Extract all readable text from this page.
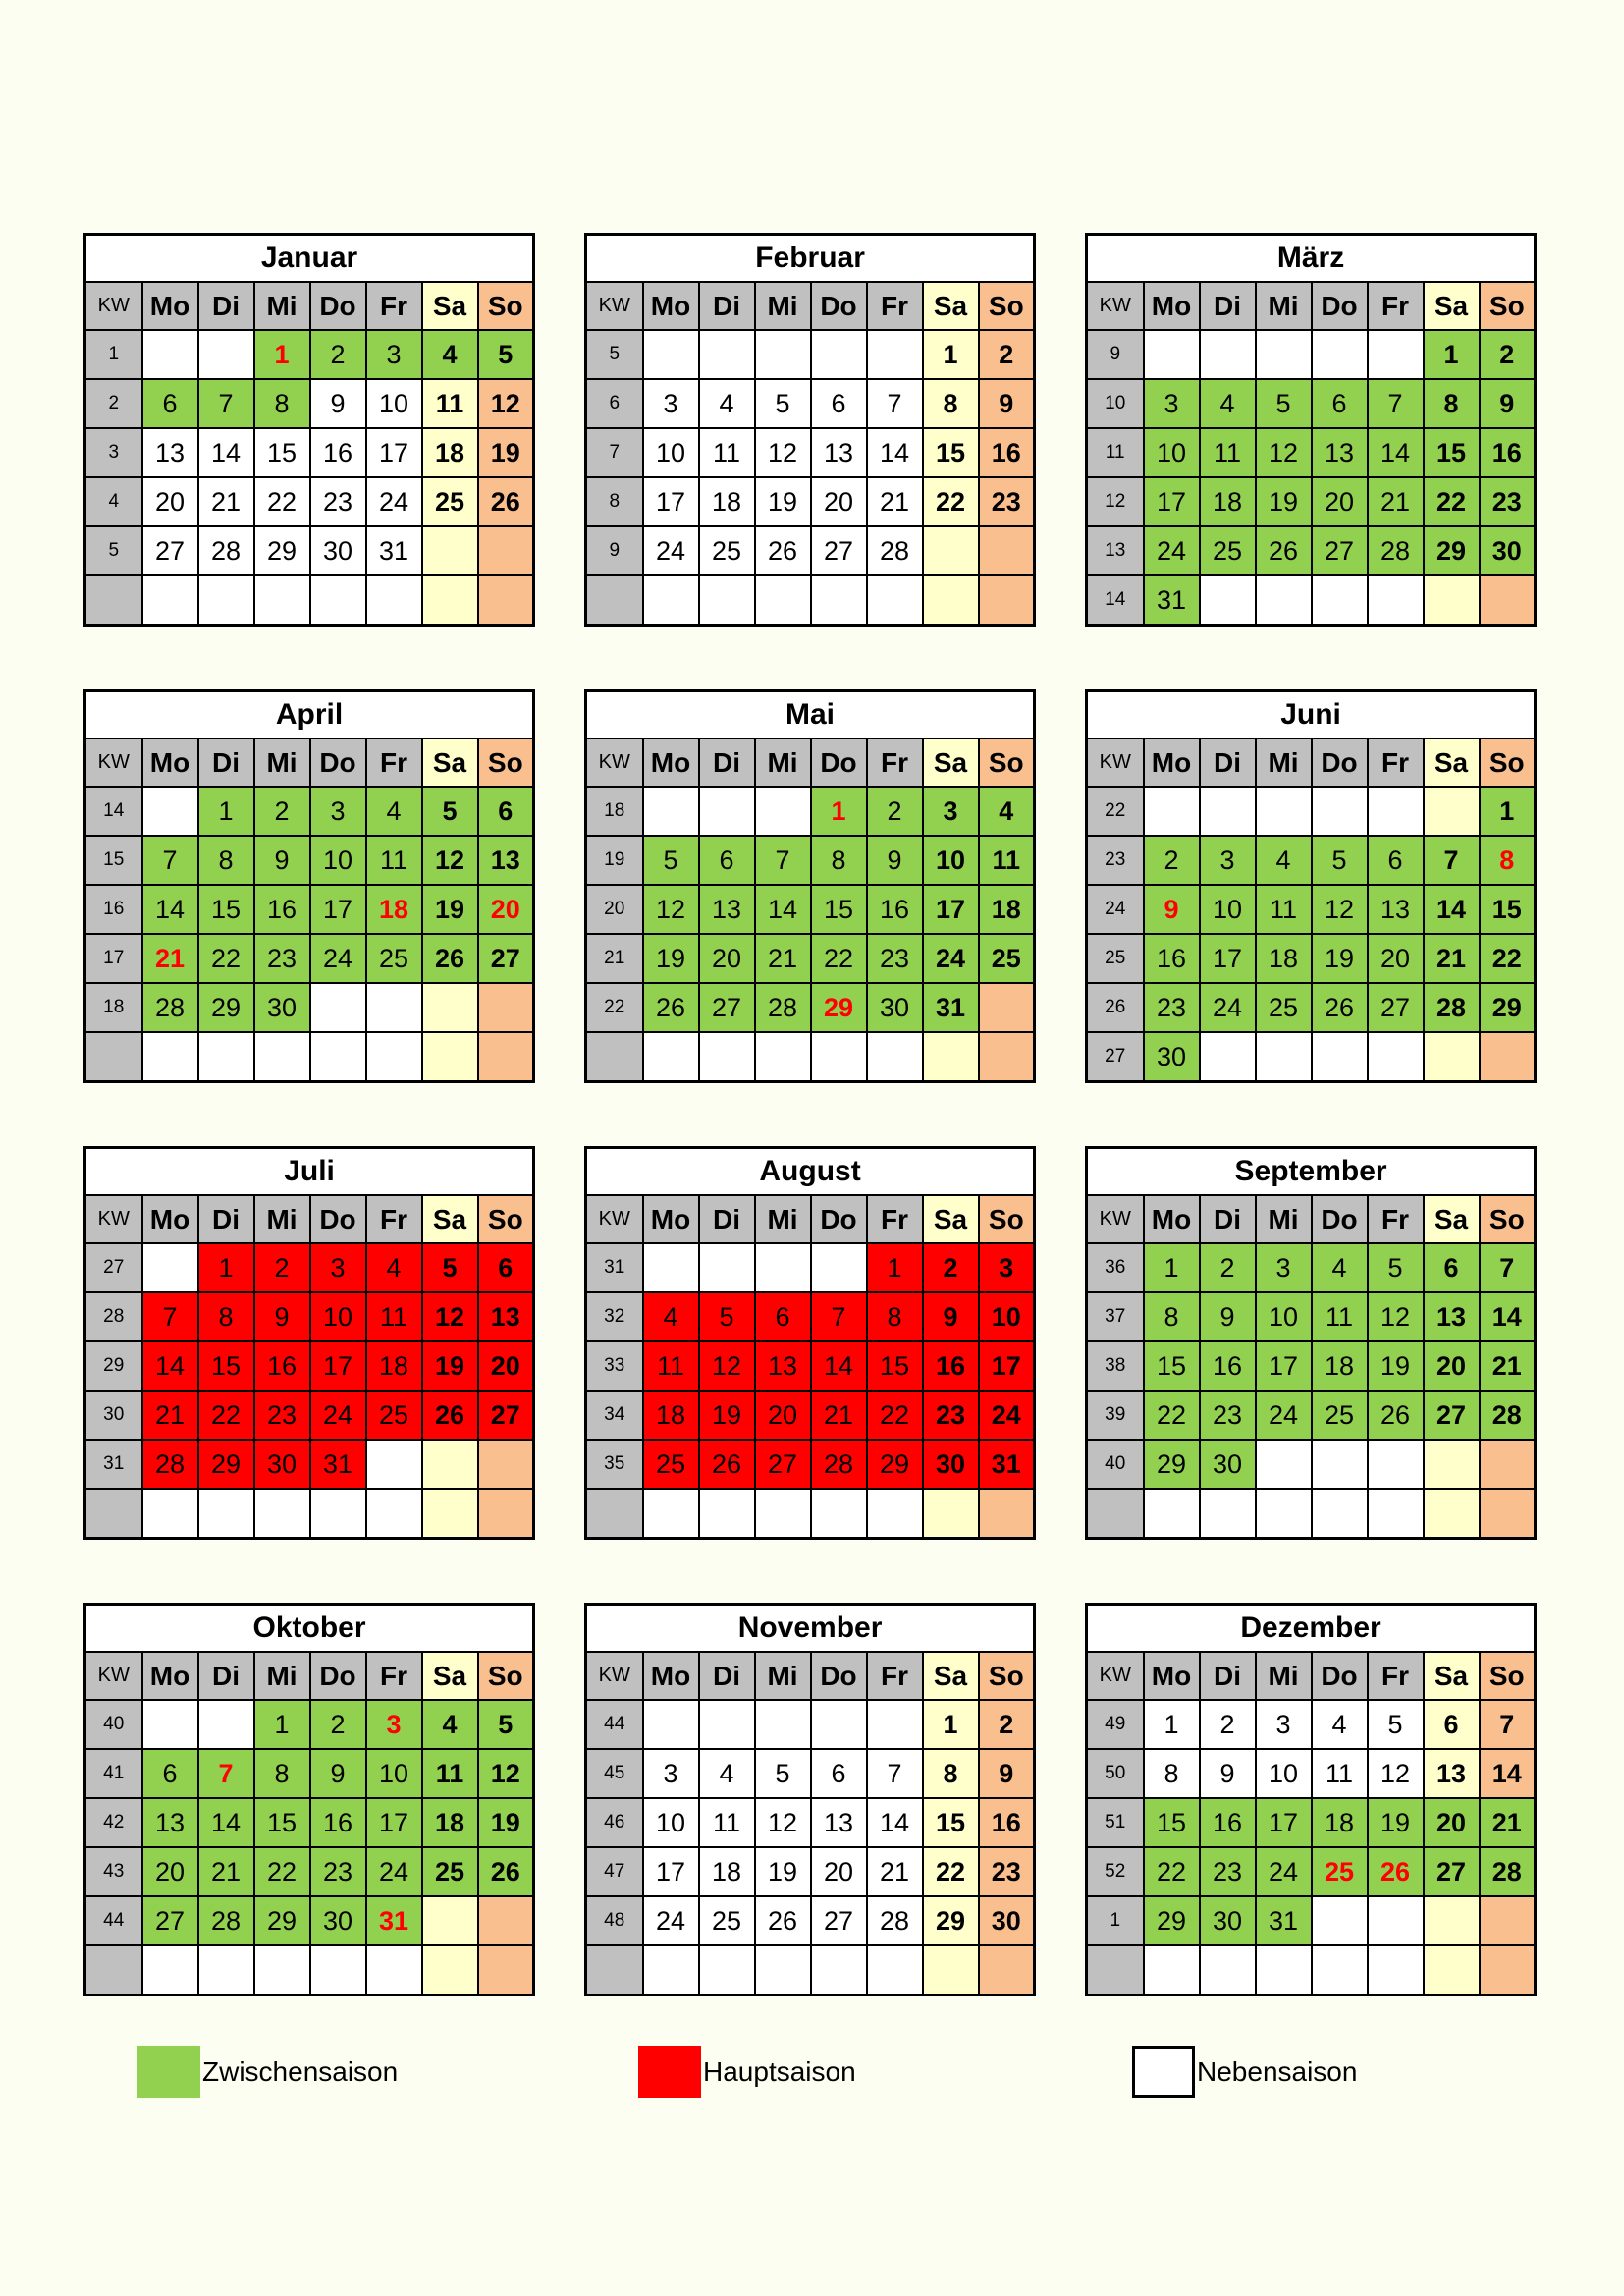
Januar							
KW	Mo	Di	Mi	Do	Fr	Sa	So
1			1	2	3	4	5
2	6	7	8	9	10	11	12
3	13	14	15	16	17	18	19
4	20	21	22	23	24	25	26
5	27	28	29	30	31		

Februar							
KW	Mo	Di	Mi	Do	Fr	Sa	So
5						1	2
6	3	4	5	6	7	8	9
7	10	11	12	13	14	15	16
8	17	18	19	20	21	22	23
9	24	25	26	27	28		

März							
KW	Mo	Di	Mi	Do	Fr	Sa	So
9						1	2
10	3	4	5	6	7	8	9
11	10	11	12	13	14	15	16
12	17	18	19	20	21	22	23
13	24	25	26	27	28	29	30
14	31						
April							
KW	Mo	Di	Mi	Do	Fr	Sa	So
14		1	2	3	4	5	6
15	7	8	9	10	11	12	13
16	14	15	16	17	18	19	20
17	21	22	23	24	25	26	27
18	28	29	30				

Mai							
KW	Mo	Di	Mi	Do	Fr	Sa	So
18				1	2	3	4
19	5	6	7	8	9	10	11
20	12	13	14	15	16	17	18
21	19	20	21	22	23	24	25
22	26	27	28	29	30	31	

Juni							
KW	Mo	Di	Mi	Do	Fr	Sa	So
22							1
23	2	3	4	5	6	7	8
24	9	10	11	12	13	14	15
25	16	17	18	19	20	21	22
26	23	24	25	26	27	28	29
27	30						
Juli							
KW	Mo	Di	Mi	Do	Fr	Sa	So
27		1	2	3	4	5	6
28	7	8	9	10	11	12	13
29	14	15	16	17	18	19	20
30	21	22	23	24	25	26	27
31	28	29	30	31			

August							
KW	Mo	Di	Mi	Do	Fr	Sa	So
31					1	2	3
32	4	5	6	7	8	9	10
33	11	12	13	14	15	16	17
34	18	19	20	21	22	23	24
35	25	26	27	28	29	30	31

September							
KW	Mo	Di	Mi	Do	Fr	Sa	So
36	1	2	3	4	5	6	7
37	8	9	10	11	12	13	14
38	15	16	17	18	19	20	21
39	22	23	24	25	26	27	28
40	29	30					

Oktober							
KW	Mo	Di	Mi	Do	Fr	Sa	So
40			1	2	3	4	5
41	6	7	8	9	10	11	12
42	13	14	15	16	17	18	19
43	20	21	22	23	24	25	26
44	27	28	29	30	31		

November							
KW	Mo	Di	Mi	Do	Fr	Sa	So
44						1	2
45	3	4	5	6	7	8	9
46	10	11	12	13	14	15	16
47	17	18	19	20	21	22	23
48	24	25	26	27	28	29	30

Dezember							
KW	Mo	Di	Mi	Do	Fr	Sa	So
49	1	2	3	4	5	6	7
50	8	9	10	11	12	13	14
51	15	16	17	18	19	20	21
52	22	23	24	25	26	27	28
1	29	30	31				

Zwischensaison	Hauptsaison	Nebensaison
